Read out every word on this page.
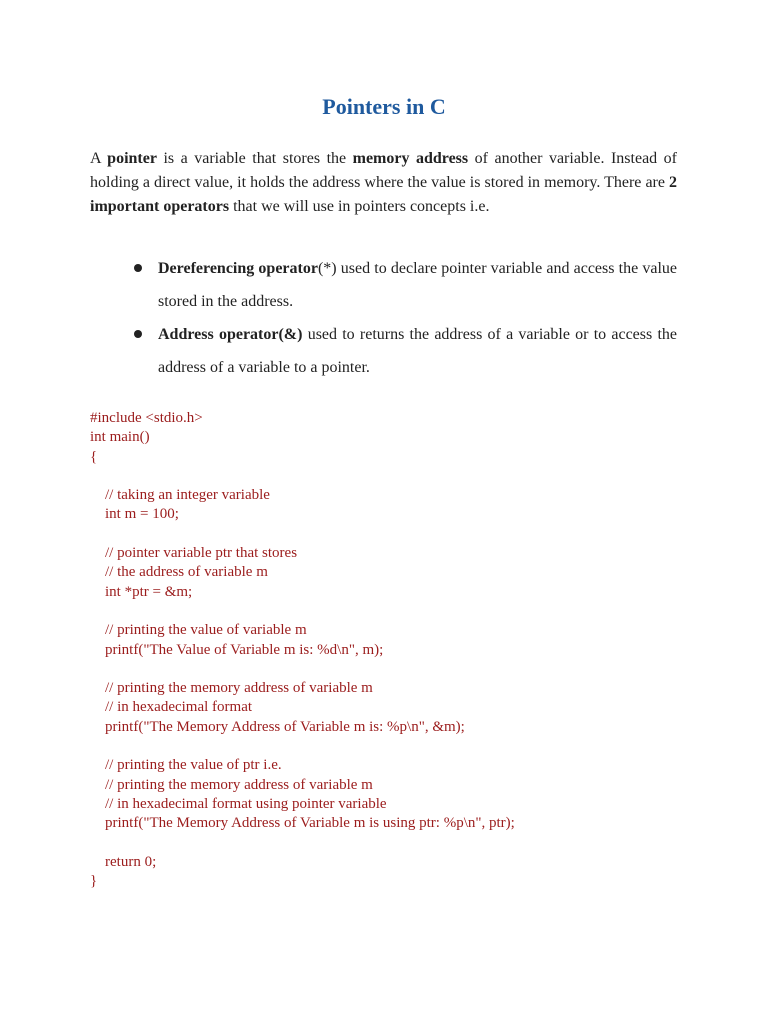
Pointers in C

A pointer is a variable that stores the memory address of another variable. Instead of holding a direct value, it holds the address where the value is stored in memory. There are 2 important operators that we will use in pointers concepts i.e.

Dereferencing operator(*) used to declare pointer variable and access the value stored in the address.
Address operator(&) used to returns the address of a variable or to access the address of a variable to a pointer.
#include <stdio.h>
int main()
{
// taking an integer variable
int m = 100;
// pointer variable ptr that stores
// the address of variable m
int *ptr = &m;
// printing the value of variable m
printf("The Value of Variable m is: %d\n", m);
// printing the memory address of variable m
// in hexadecimal format
printf("The Memory Address of Variable m is: %p\n", &m);
// printing the value of ptr i.e.
// printing the memory address of variable m
// in hexadecimal format using pointer variable
printf("The Memory Address of Variable m is using ptr: %p\n", ptr);
return 0;
}
